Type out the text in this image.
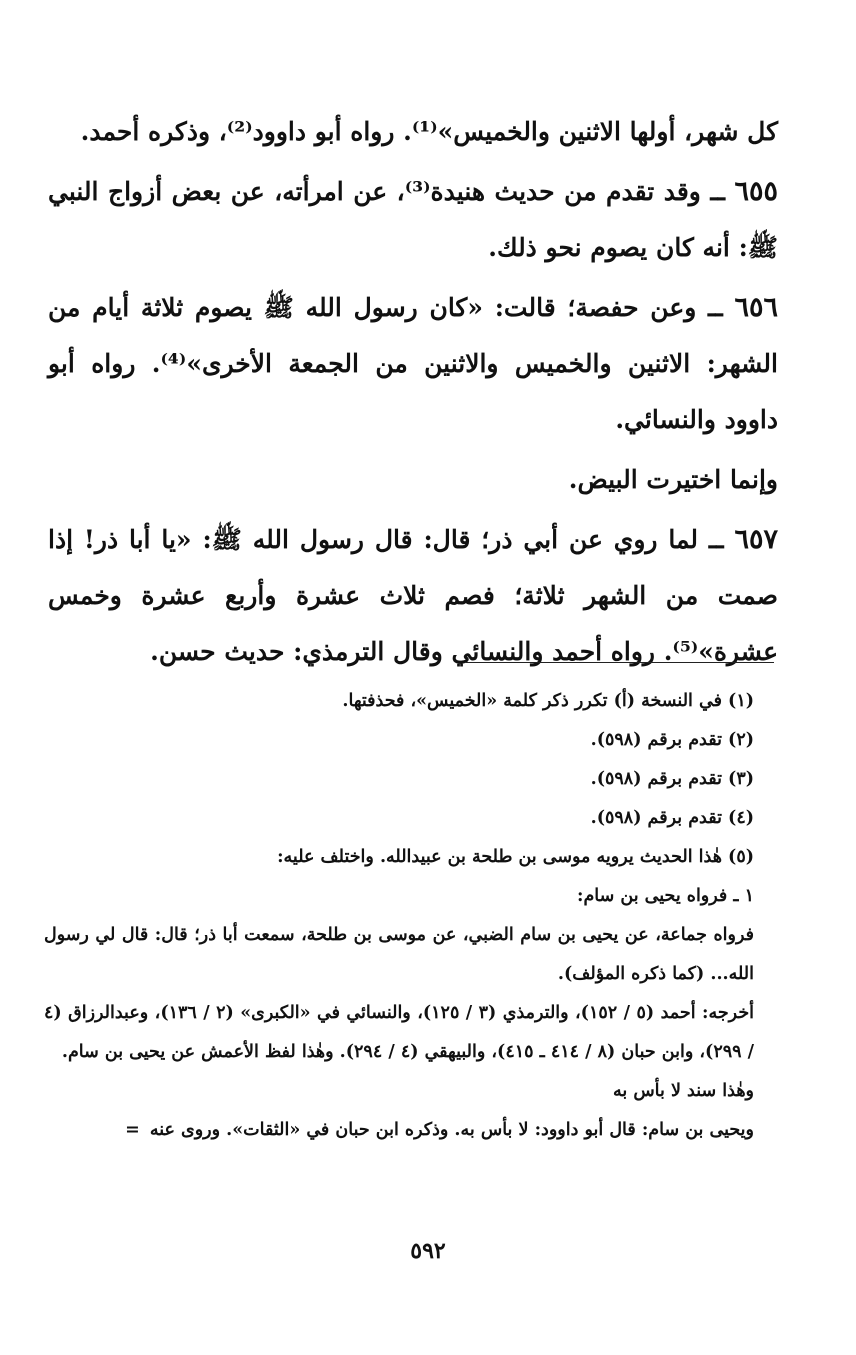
كل شهر، أولها الاثنين والخميس»⁽¹⁾. رواه أبو داوود⁽²⁾، وذكره أحمد.

٦٥٥ ــ وقد تقدم من حديث هنيدة⁽³⁾، عن امرأته، عن بعض أزواج النبي ﷺ: أنه كان يصوم نحو ذلك.

٦٥٦ ــ وعن حفصة؛ قالت: «كان رسول الله ﷺ يصوم ثلاثة أيام من الشهر: الاثنين والخميس والاثنين من الجمعة الأخرى»⁽⁴⁾. رواه أبو داوود والنسائي.

وإنما اختيرت البيض.

٦٥٧ ــ لما روي عن أبي ذر؛ قال: قال رسول الله ﷺ: «يا أبا ذر! إذا صمت من الشهر ثلاثة؛ فصم ثلاث عشرة وأربع عشرة وخمس عشرة»⁽⁵⁾. رواه أحمد والنسائي وقال الترمذي: حديث حسن.

(١) في النسخة (أ) تكرر ذكر كلمة «الخميس»، فحذفتها.

(٢) تقدم برقم (٥٩٨).

(٣) تقدم برقم (٥٩٨).

(٤) تقدم برقم (٥٩٨).

(٥) هٰذا الحديث يرويه موسى بن طلحة بن عبيدالله. واختلف عليه:

١ ـ فرواه يحيى بن سام:

فرواه جماعة، عن يحيى بن سام الضبي، عن موسى بن طلحة، سمعت أبا ذر؛ قال: قال لي رسول الله... (كما ذكره المؤلف).

أخرجه: أحمد (٥ / ١٥٢)، والترمذي (٣ / ١٢٥)، والنسائي في «الكبرى» (٢ / ١٣٦)، وعبدالرزاق (٤ / ٢٩٩)، وابن حبان (٨ / ٤١٤ ـ ٤١٥)، والبيهقي (٤ / ٢٩٤). وهٰذا لفظ الأعمش عن يحيى بن سام.

وهٰذا سند لا بأس به

ويحيى بن سام: قال أبو داوود: لا بأس به. وذكره ابن حبان في «الثقات». وروى عنه=

٥٩٢
